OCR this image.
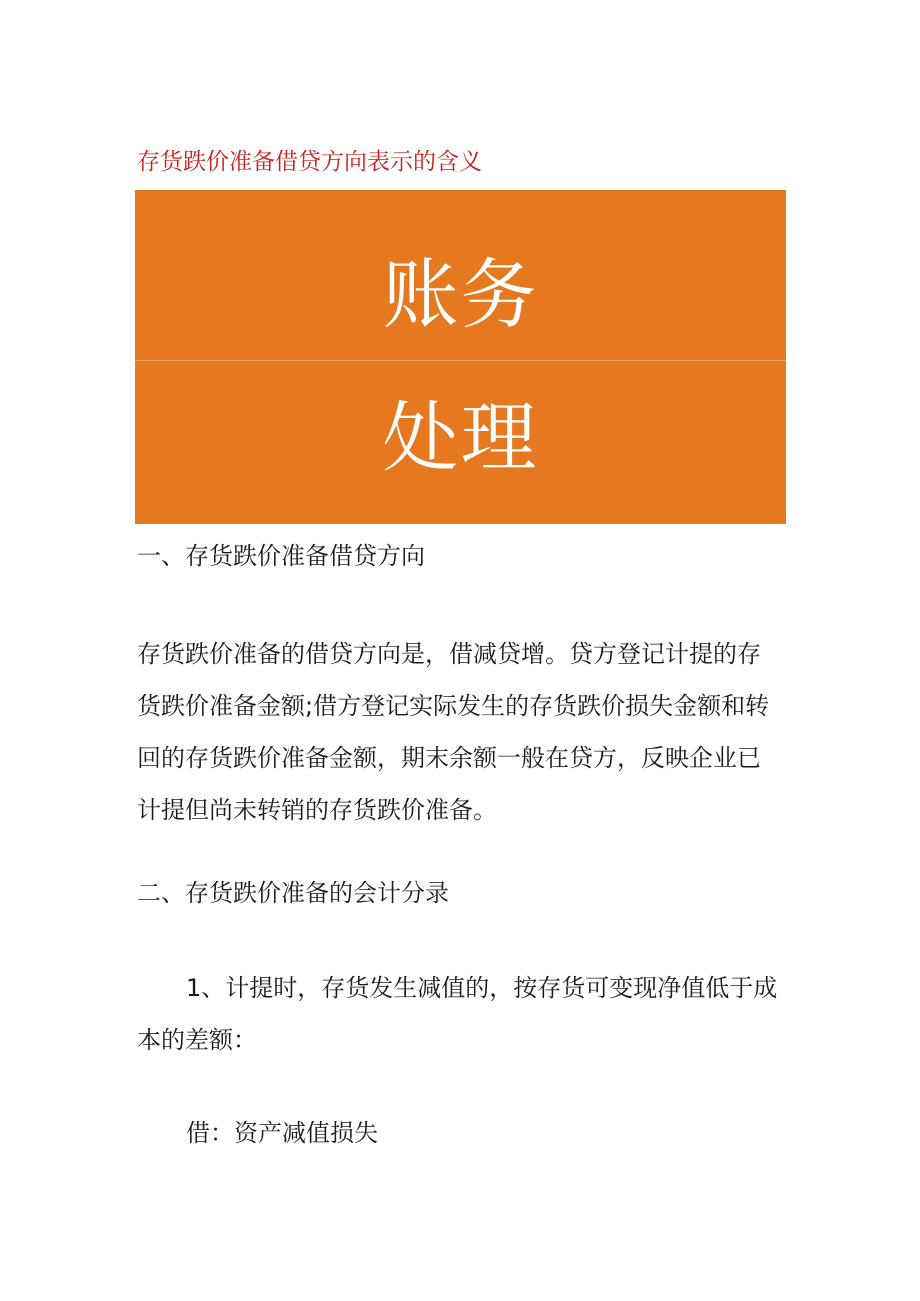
存货跌价准备借贷方向表示的含义
账务
处理
一、存货跌价准备借贷方向
存货跌价准备的借贷方向是，借减贷增。贷方登记计提的存
货跌价准备金额;借方登记实际发生的存货跌价损失金额和转
回的存货跌价准备金额，期末余额一般在贷方，反映企业已
计提但尚未转销的存货跌价准备。
二、存货跌价准备的会计分录
1、计提时，存货发生减值的，按存货可变现净值低于成
本的差额：
借：资产减值损失
